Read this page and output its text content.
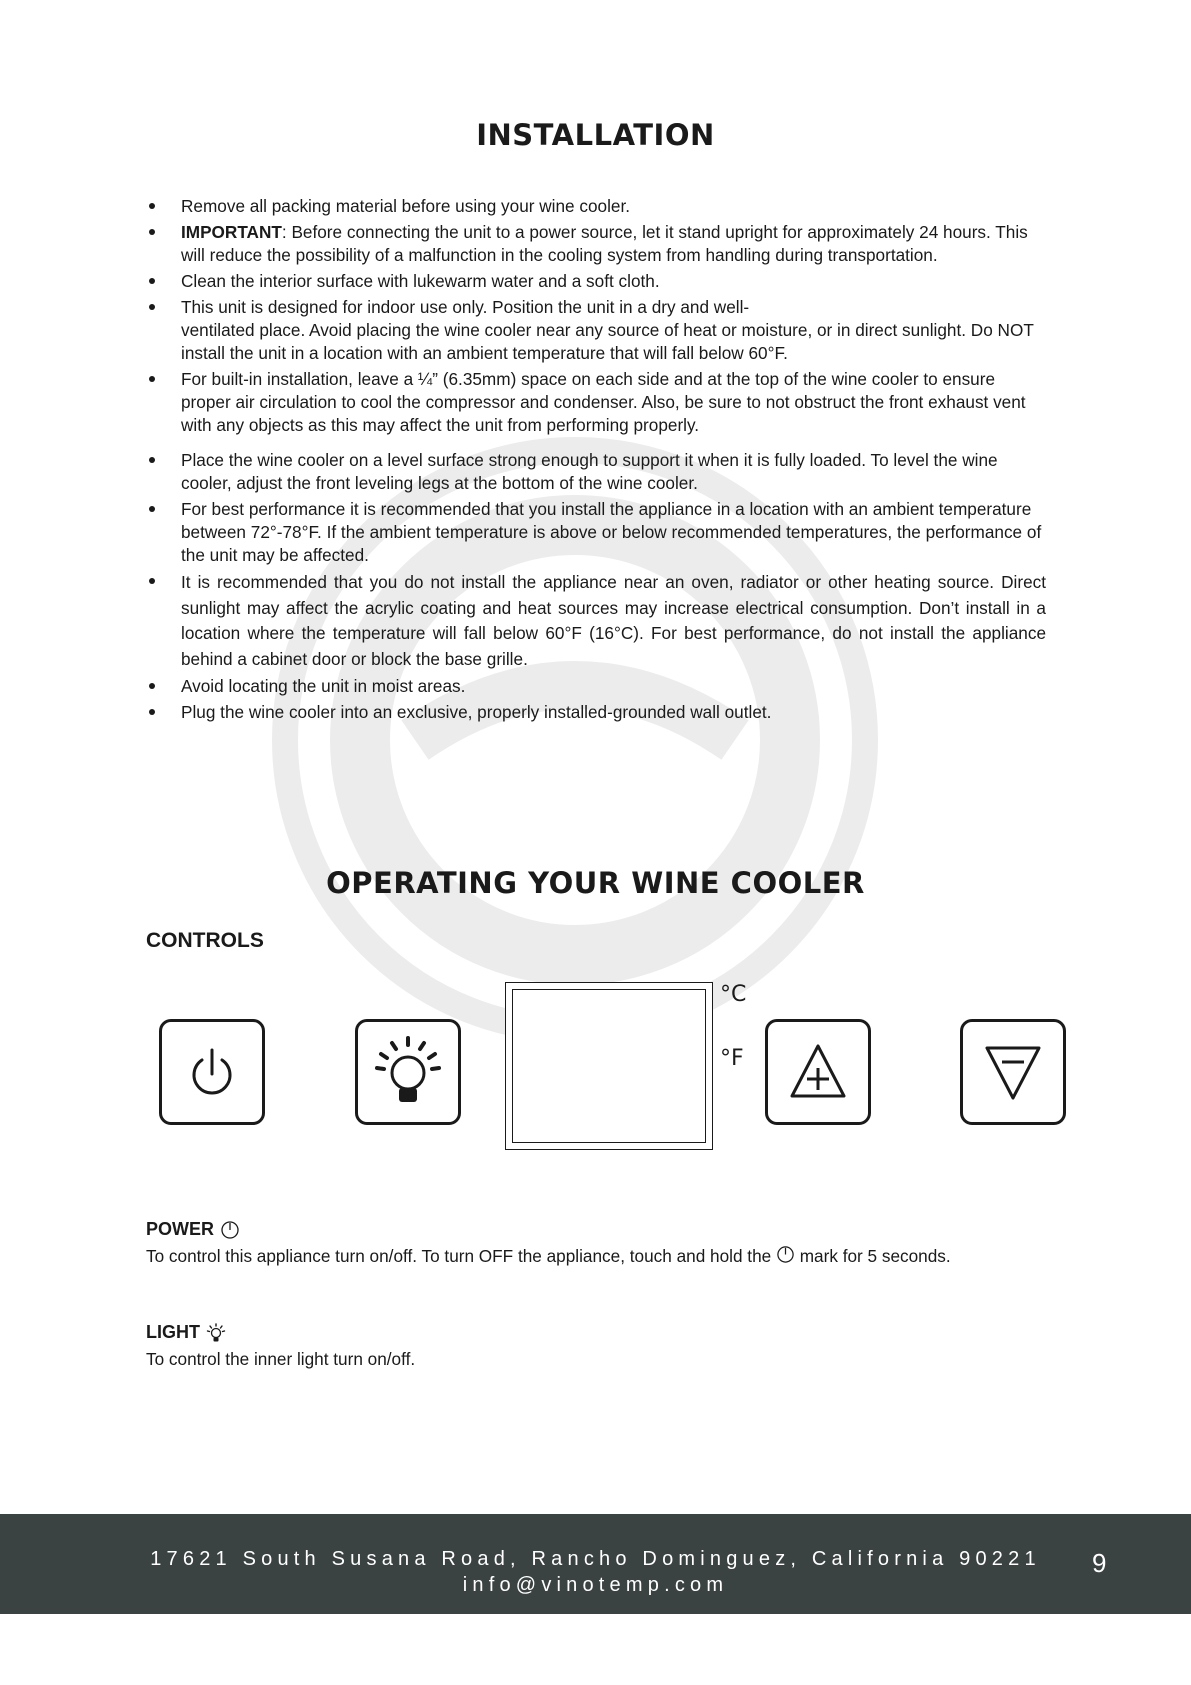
INSTALLATION
Remove all packing material before using your wine cooler.
IMPORTANT: Before connecting the unit to a power source, let it stand upright for approximately 24 hours. This will reduce the possibility of a malfunction in the cooling system from handling during transportation.
Clean the interior surface with lukewarm water and a soft cloth.
This unit is designed for indoor use only. Position the unit in a dry and well-
ventilated place. Avoid placing the wine cooler near any source of heat or moisture, or in direct sunlight. Do NOT install the unit in a location with an ambient temperature that will fall below 60°F.
For built-in installation, leave a ¼” (6.35mm) space on each side and at the top of the wine cooler to ensure proper air circulation to cool the compressor and condenser. Also, be sure to not obstruct the front exhaust vent with any objects as this may affect the unit from performing properly.
Place the wine cooler on a level surface strong enough to support it when it is fully loaded. To level the wine cooler, adjust the front leveling legs at the bottom of the wine cooler.
For best performance it is recommended that you install the appliance in a location with an ambient temperature between 72°-78°F. If the ambient temperature is above or below recommended temperatures, the performance of the unit may be affected.
It is recommended that you do not install the appliance near an oven, radiator or other heating source. Direct sunlight may affect the acrylic coating and heat sources may increase electrical consumption. Don’t install in a location where the temperature will fall below 60°F (16°C). For best performance, do not install the appliance behind a cabinet door or block the base grille.
Avoid locating the unit in moist areas.
Plug the wine cooler into an exclusive, properly installed-grounded wall outlet.
OPERATING YOUR WINE COOLER
CONTROLS
°C
°F
POWER

To control this appliance turn on/off. To turn OFF the appliance, touch and hold the  mark for 5 seconds.

LIGHT

To control the inner light turn on/off.

17621 South Susana Road, Rancho Dominguez, California 90221
info@vinotemp.com
9
